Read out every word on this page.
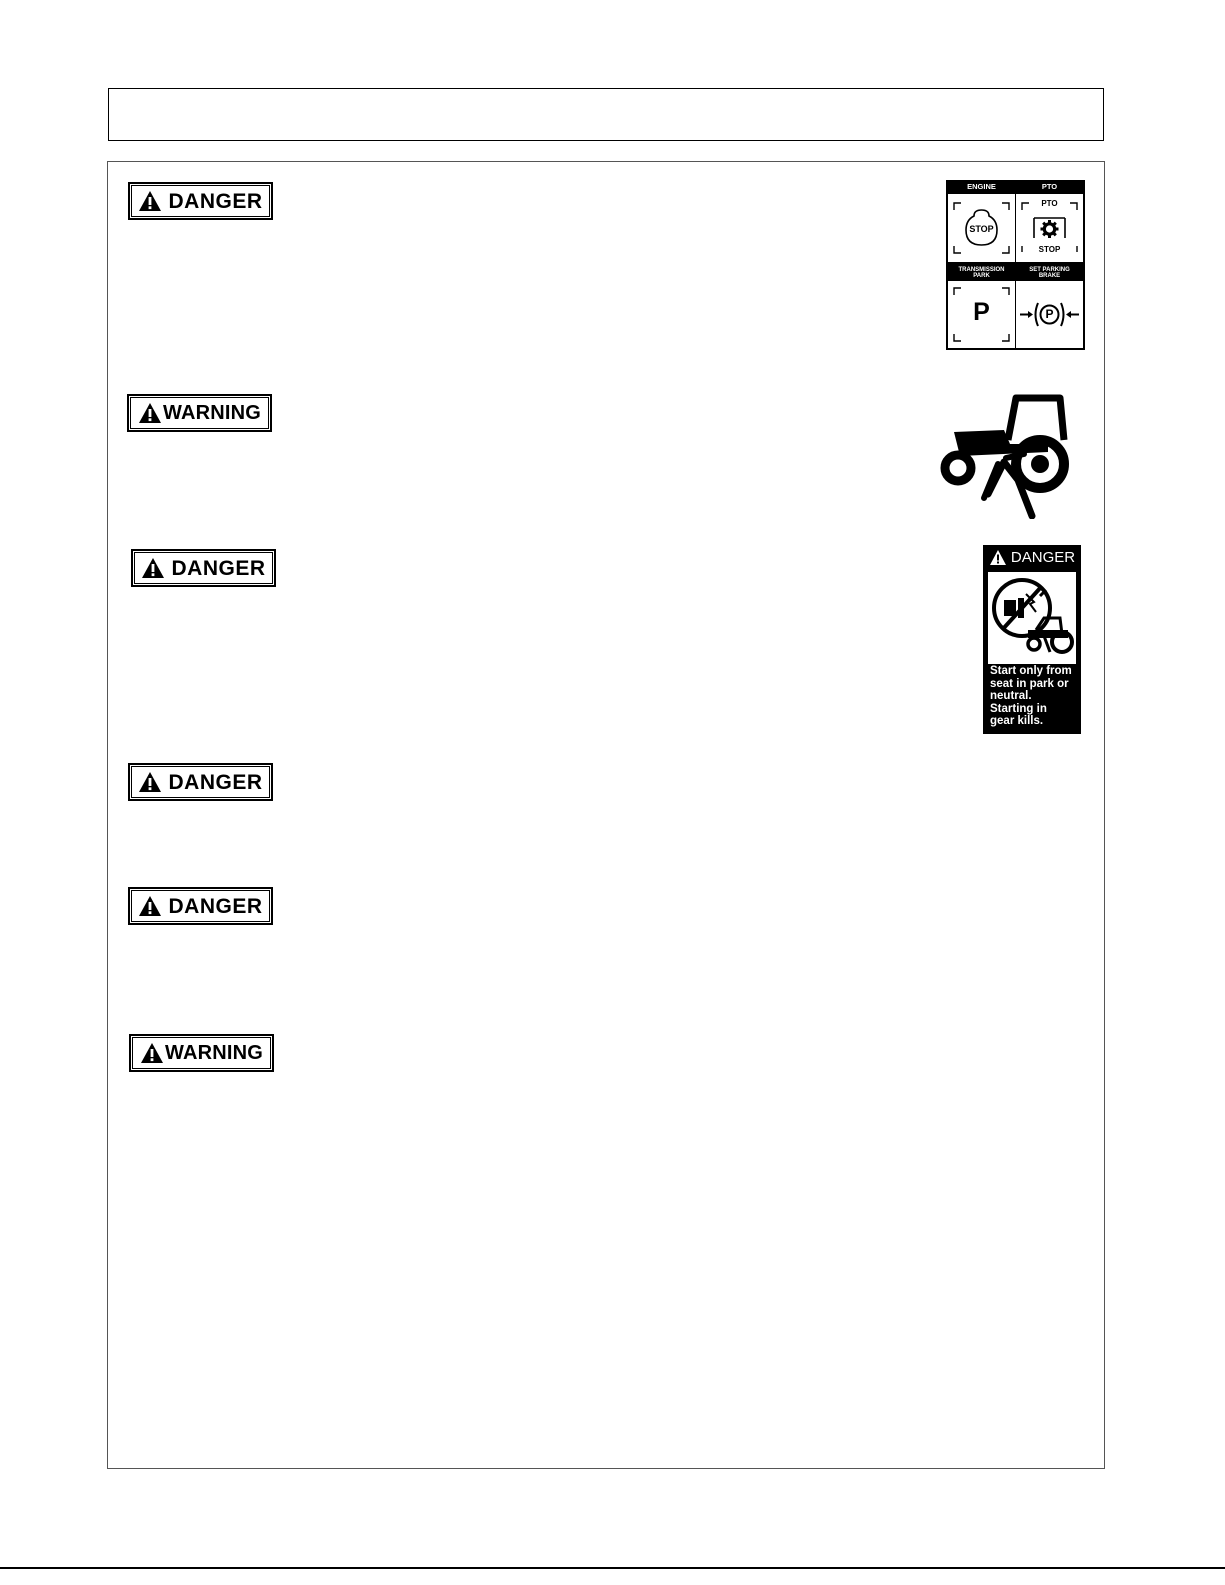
DANGER
WARNING
DANGER
DANGER
DANGER
WARNING
ENGINE	PTO
STOP
PTO
STOP
TRANSMISSION
PARK
SET PARKING
BRAKE
P	P
DANGER
Start only from
seat in park or
neutral.
Starting in
gear kills.
